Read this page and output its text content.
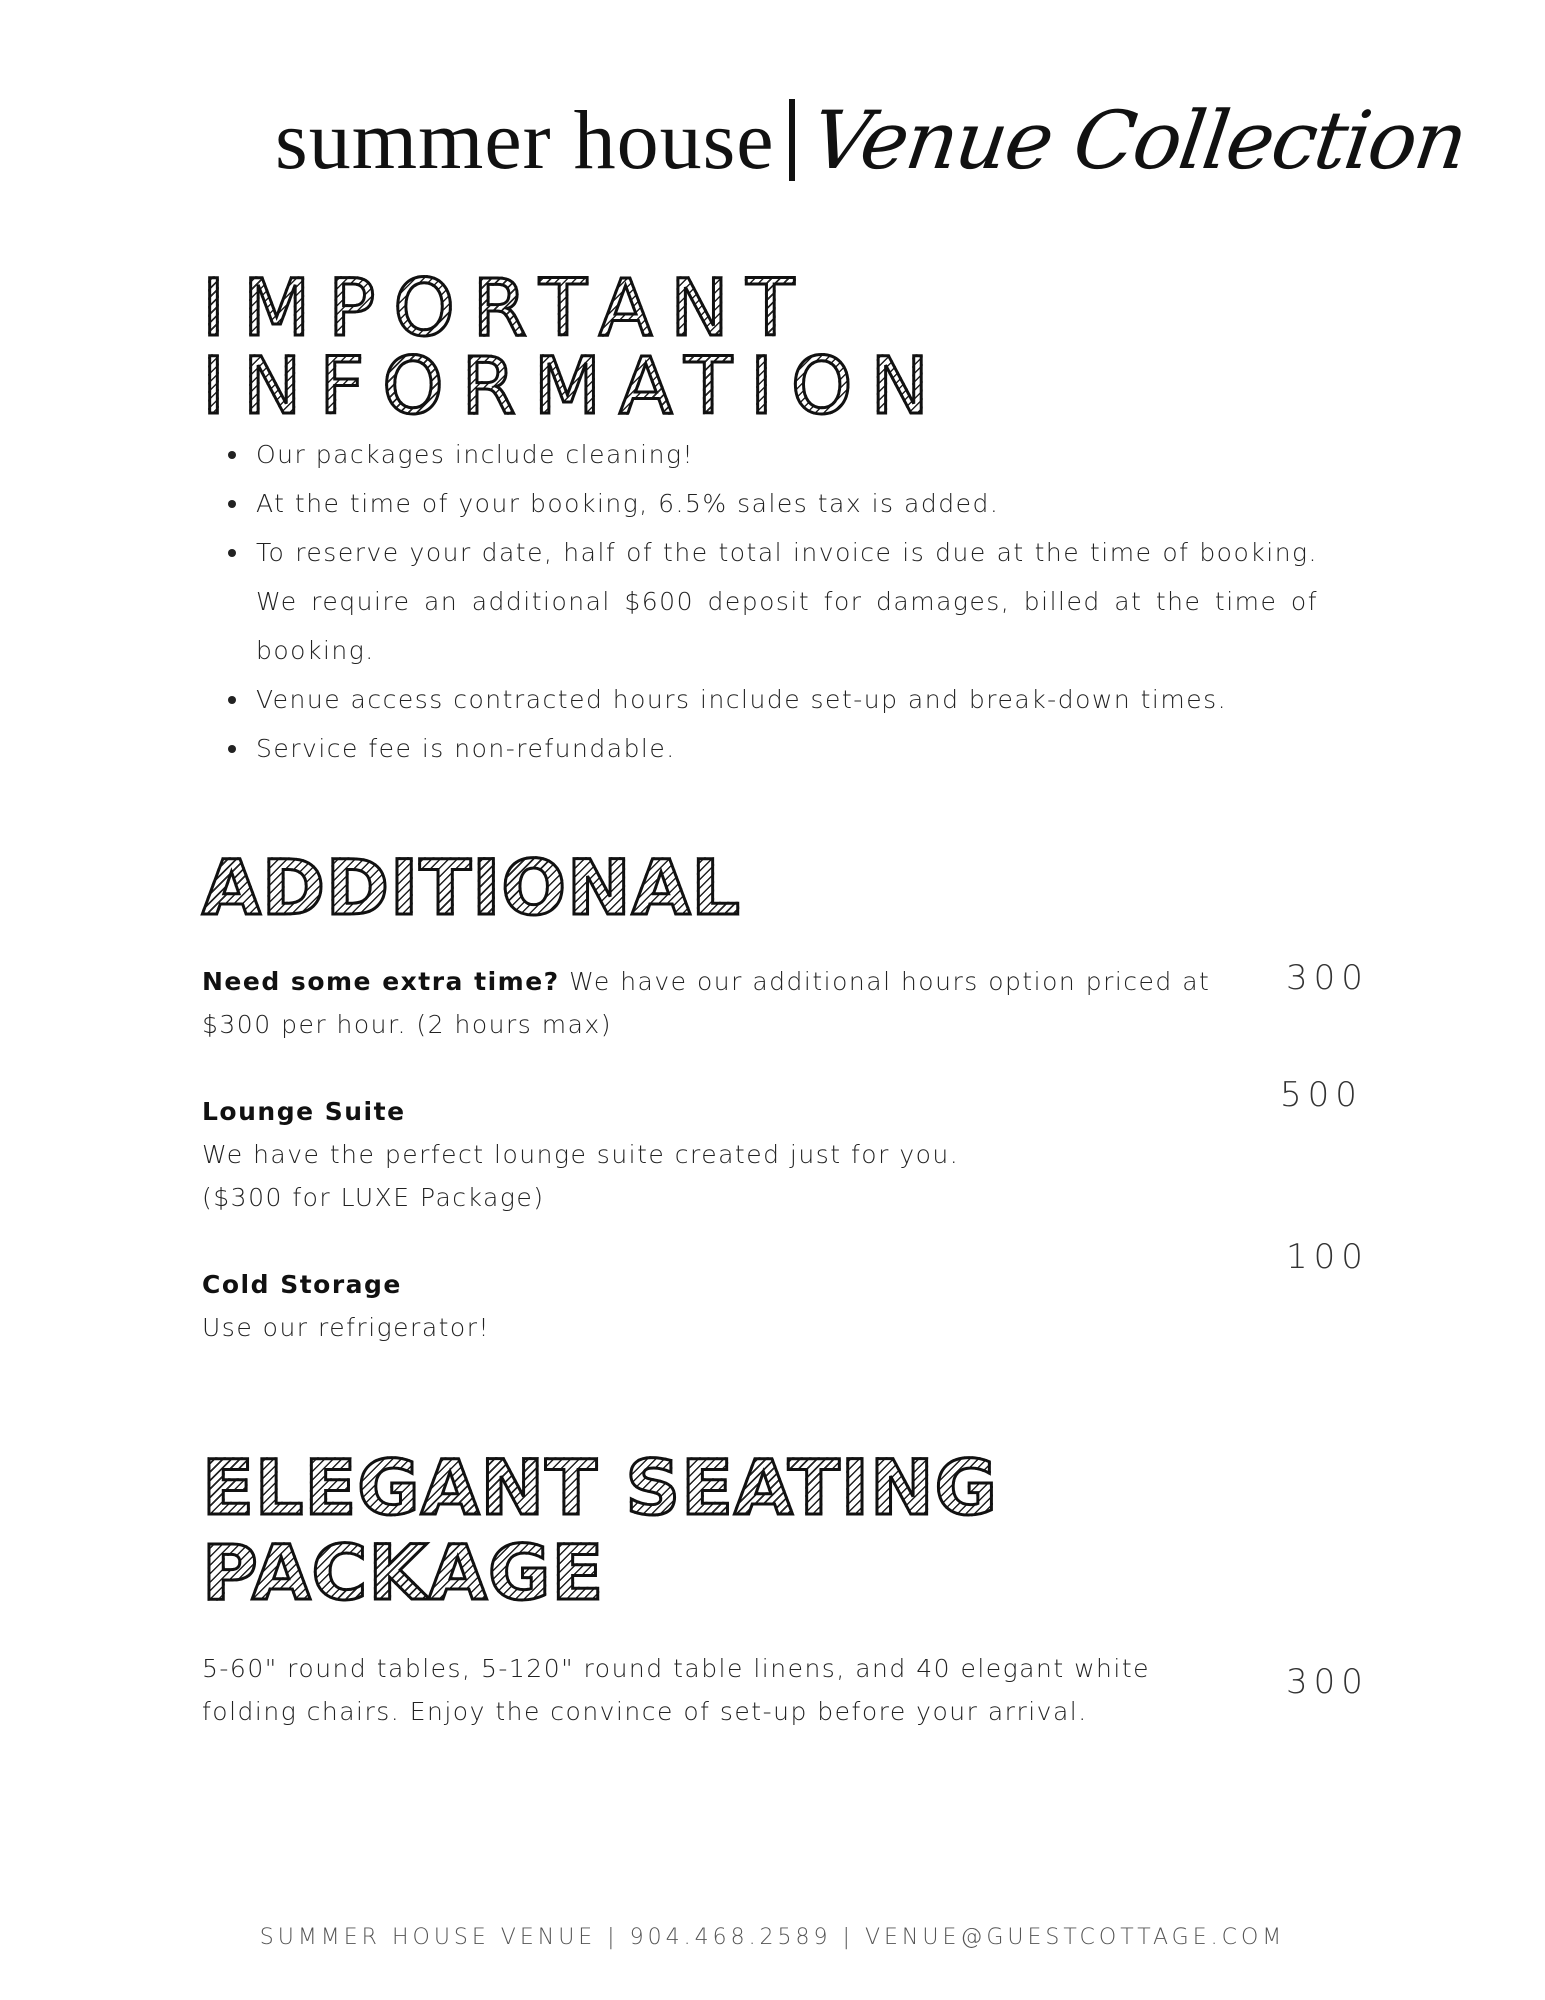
summer house Venue Collection
IMPORTANT
INFORMATION
Our packages include cleaning!
At the time of your booking, 6.5% sales tax is added.
To reserve your date, half of the total invoice is due at the time of booking. We require an additional $600 deposit for damages, billed at the time of booking.
Venue access contracted hours include set-up and break-down times.
Service fee is non-refundable.
ADDITIONAL
Need some extra time? We have our additional hours option priced at $300 per hour. (2 hours max)
300
Lounge Suite
We have the perfect lounge suite created just for you.
($300 for LUXE Package)
500
Cold Storage
Use our refrigerator!
100
ELEGANT SEATING
PACKAGE
5-60" round tables, 5-120" round table linens, and 40 elegant white folding chairs. Enjoy the convince of set-up before your arrival.
300
SUMMER HOUSE VENUE | 904.468.2589 | VENUE@GUESTCOTTAGE.COM
